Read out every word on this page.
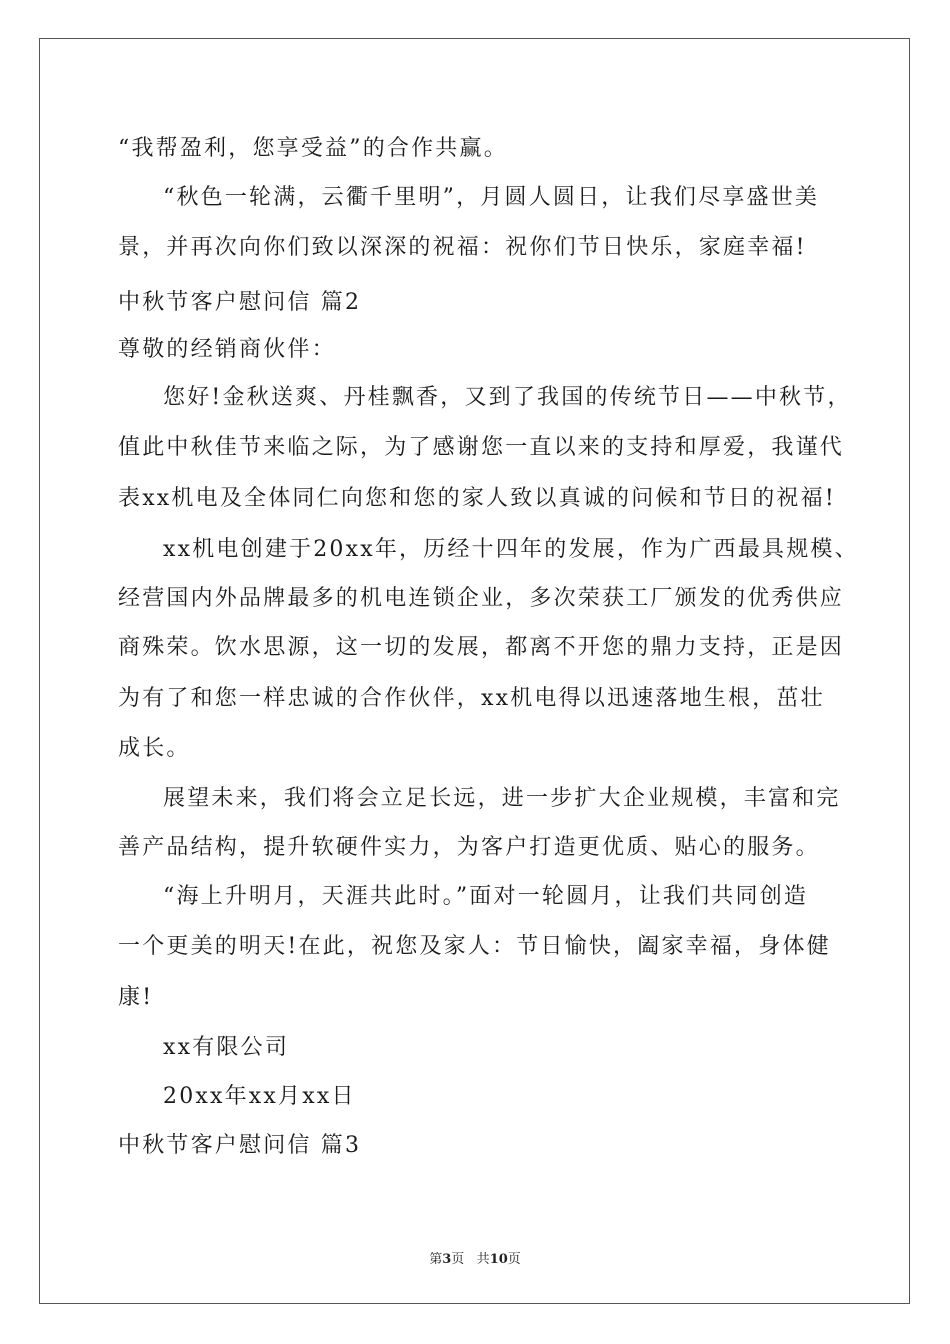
“我帮盈利，您享受益”的合作共赢。
“秋色一轮满，云衢千里明”，月圆人圆日，让我们尽享盛世美
景，并再次向你们致以深深的祝福：祝你们节日快乐，家庭幸福!
中秋节客户慰问信 篇2
尊敬的经销商伙伴：
您好!金秋送爽、丹桂飘香，又到了我国的传统节日——中秋节，
值此中秋佳节来临之际，为了感谢您一直以来的支持和厚爱，我谨代
表xx机电及全体同仁向您和您的家人致以真诚的问候和节日的祝福!
xx机电创建于20xx年，历经十四年的发展，作为广西最具规模、
经营国内外品牌最多的机电连锁企业，多次荣获工厂颁发的优秀供应
商殊荣。饮水思源，这一切的发展，都离不开您的鼎力支持，正是因
为有了和您一样忠诚的合作伙伴，xx机电得以迅速落地生根，茁壮
成长。
展望未来，我们将会立足长远，进一步扩大企业规模，丰富和完
善产品结构，提升软硬件实力，为客户打造更优质、贴心的服务。
“海上升明月，天涯共此时。”面对一轮圆月，让我们共同创造
一个更美的明天!在此，祝您及家人：节日愉快，阖家幸福，身体健
康!
xx有限公司
20xx年xx月xx日
中秋节客户慰问信 篇3
第3页 共10页
